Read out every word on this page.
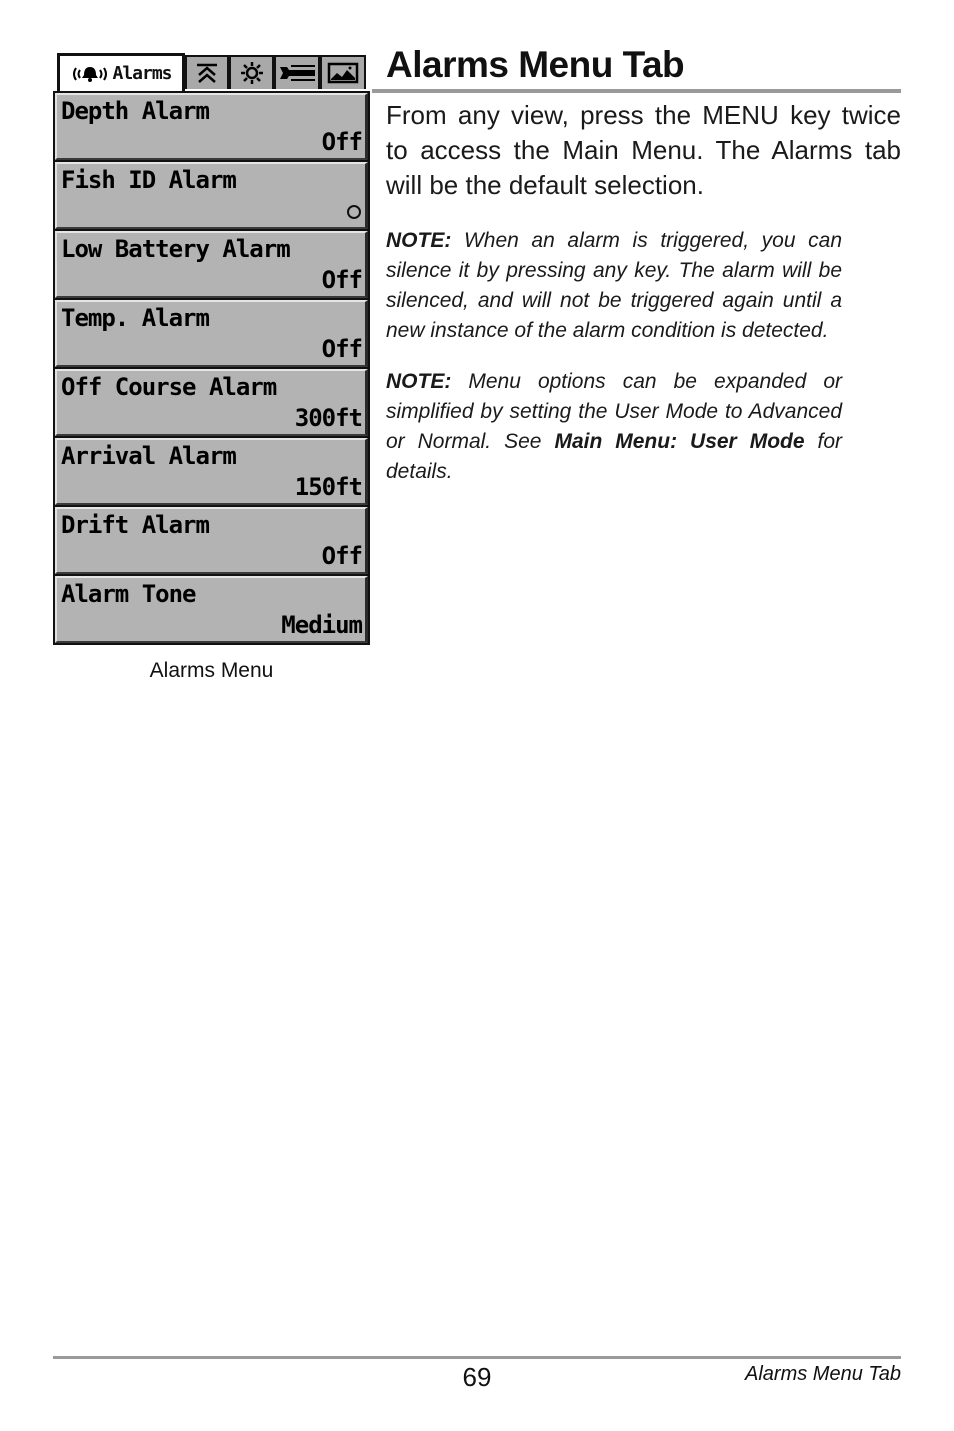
Alarms
Depth Alarm
Off
Fish ID Alarm
Low Battery Alarm
Off
Temp. Alarm
Off
Off Course Alarm
300ft
Arrival Alarm
150ft
Drift Alarm
Off
Alarm Tone
Medium
Alarms Menu
Alarms Menu Tab

From any view, press the MENU key twice to access the Main Menu. The Alarms tab will be the default selection.

NOTE: When an alarm is triggered, you can silence it by pressing any key. The alarm will be silenced, and will not be triggered again until a new instance of the alarm condition is detected.

NOTE: Menu options can be expanded or simplified by setting the User Mode to Advanced or Normal. See Main Menu: User Mode for details.

69	Alarms Menu Tab
